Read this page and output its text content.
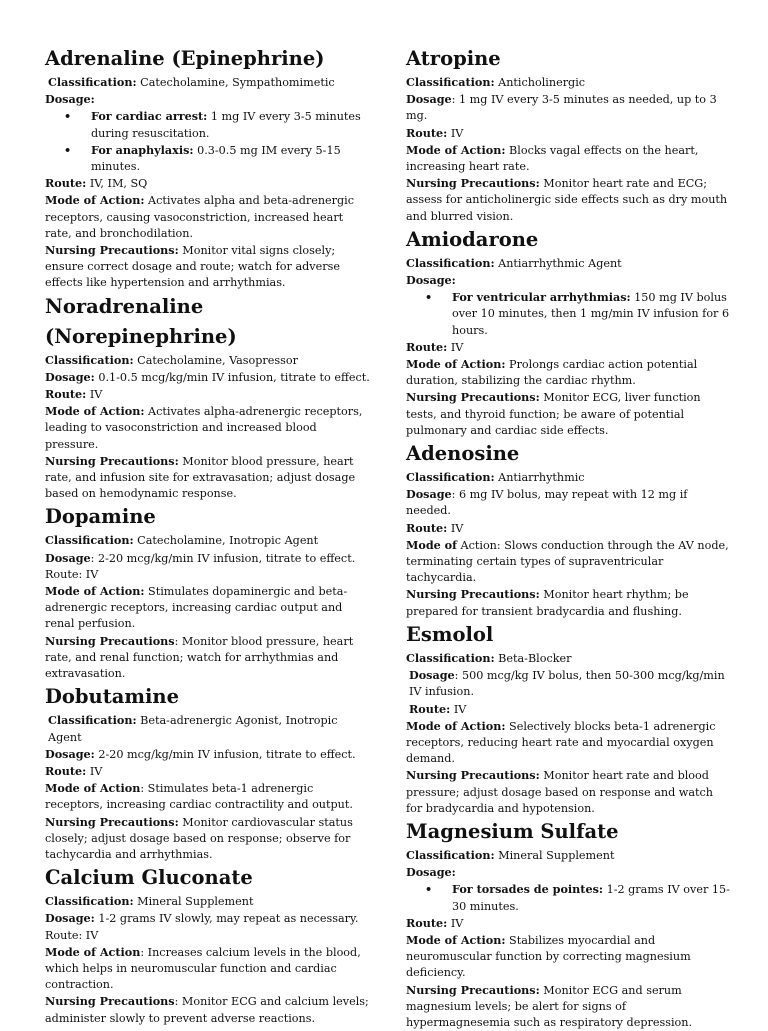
Adrenaline (Epinephrine)

Classification: Catecholamine, Sympathomimetic

Dosage:

• For cardiac arrest: 1 mg IV every 3-5 minutes during resuscitation.
• For anaphylaxis: 0.3-0.5 mg IM every 5-15 minutes.

Route: IV, IM, SQ

Mode of Action: Activates alpha and beta-adrenergic receptors, causing vasoconstriction, increased heart rate, and bronchodilation.

Nursing Precautions: Monitor vital signs closely; ensure correct dosage and route; watch for adverse effects like hypertension and arrhythmias.

Noradrenaline (Norepinephrine)

Classification: Catecholamine, Vasopressor

Dosage: 0.1-0.5 mcg/kg/min IV infusion, titrate to effect.

Route: IV

Mode of Action: Activates alpha-adrenergic receptors, leading to vasoconstriction and increased blood pressure.

Nursing Precautions: Monitor blood pressure, heart rate, and infusion site for extravasation; adjust dosage based on hemodynamic response.

Dopamine

Classification: Catecholamine, Inotropic Agent

Dosage: 2-20 mcg/kg/min IV infusion, titrate to effect.

Route: IV

Mode of Action: Stimulates dopaminergic and beta-adrenergic receptors, increasing cardiac output and renal perfusion.

Nursing Precautions: Monitor blood pressure, heart rate, and renal function; watch for arrhythmias and extravasation.

Dobutamine

Classification: Beta-adrenergic Agonist, Inotropic Agent

Dosage: 2-20 mcg/kg/min IV infusion, titrate to effect.

Route: IV

Mode of Action: Stimulates beta-1 adrenergic receptors, increasing cardiac contractility and output.

Nursing Precautions: Monitor cardiovascular status closely; adjust dosage based on response; observe for tachycardia and arrhythmias.

Calcium Gluconate

Classification: Mineral Supplement

Dosage: 1-2 grams IV slowly, may repeat as necessary.

Route: IV

Mode of Action: Increases calcium levels in the blood, which helps in neuromuscular function and cardiac contraction.

Nursing Precautions: Monitor ECG and calcium levels; administer slowly to prevent adverse reactions.

Atropine

Classification: Anticholinergic

Dosage: 1 mg IV every 3-5 minutes as needed, up to 3 mg.

Route: IV

Mode of Action: Blocks vagal effects on the heart, increasing heart rate.

Nursing Precautions: Monitor heart rate and ECG; assess for anticholinergic side effects such as dry mouth and blurred vision.

Amiodarone

Classification: Antiarrhythmic Agent

Dosage:

• For ventricular arrhythmias: 150 mg IV bolus over 10 minutes, then 1 mg/min IV infusion for 6 hours.

Route: IV

Mode of Action: Prolongs cardiac action potential duration, stabilizing the cardiac rhythm.

Nursing Precautions: Monitor ECG, liver function tests, and thyroid function; be aware of potential pulmonary and cardiac side effects.

Adenosine

Classification: Antiarrhythmic

Dosage: 6 mg IV bolus, may repeat with 12 mg if needed.

Route: IV

Mode of Action: Slows conduction through the AV node, terminating certain types of supraventricular tachycardia.

Nursing Precautions: Monitor heart rhythm; be prepared for transient bradycardia and flushing.

Esmolol

Classification: Beta-Blocker

Dosage: 500 mcg/kg IV bolus, then 50-300 mcg/kg/min IV infusion.

Route: IV

Mode of Action: Selectively blocks beta-1 adrenergic receptors, reducing heart rate and myocardial oxygen demand.

Nursing Precautions: Monitor heart rate and blood pressure; adjust dosage based on response and watch for bradycardia and hypotension.

Magnesium Sulfate

Classification: Mineral Supplement

Dosage:

• For torsades de pointes: 1-2 grams IV over 15-30 minutes.

Route: IV

Mode of Action: Stabilizes myocardial and neuromuscular function by correcting magnesium deficiency.

Nursing Precautions: Monitor ECG and serum magnesium levels; be alert for signs of hypermagnesemia such as respiratory depression.
